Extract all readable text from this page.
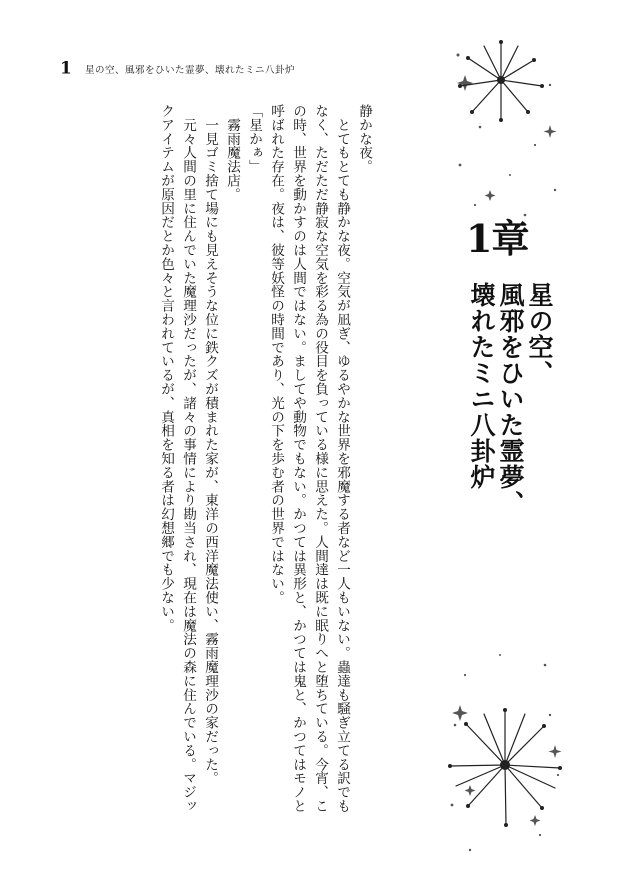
1 星の空、風邪をひいた霊夢、壊れたミニ八卦炉

静かな夜。

　とてもとても静かな夜。空気が凪ぎ、ゆるやかな世界を邪魔する者など一人もいない。蟲達も騒ぎ立てる訳でもなく、ただただ静寂な空気を彩る為の役目を負っている様に思えた。人間達は既に眠りへと堕ちている。今宵、この時、世界を動かすのは人間ではない。ましてや動物でもない。かつては異形と、かつては鬼と、かつてはモノと呼ばれた存在。夜は、彼等妖怪の時間であり、光の下を歩む者の世界ではない。

「星かぁ」

　霧雨魔法店。

　一見ゴミ捨て場にも見えそうな位に鉄クズが積まれた家が、東洋の西洋魔法使い、霧雨魔理沙の家だった。

　元々人間の里に住んでいた魔理沙だったが、諸々の事情により勘当され、現在は魔法の森に住んでいる。マジックアイテムが原因だとか色々と言われているが、真相を知る者は幻想郷でも少ない。	1章

星の空、

風邪をひいた霊夢、

壊れたミニ八卦炉
